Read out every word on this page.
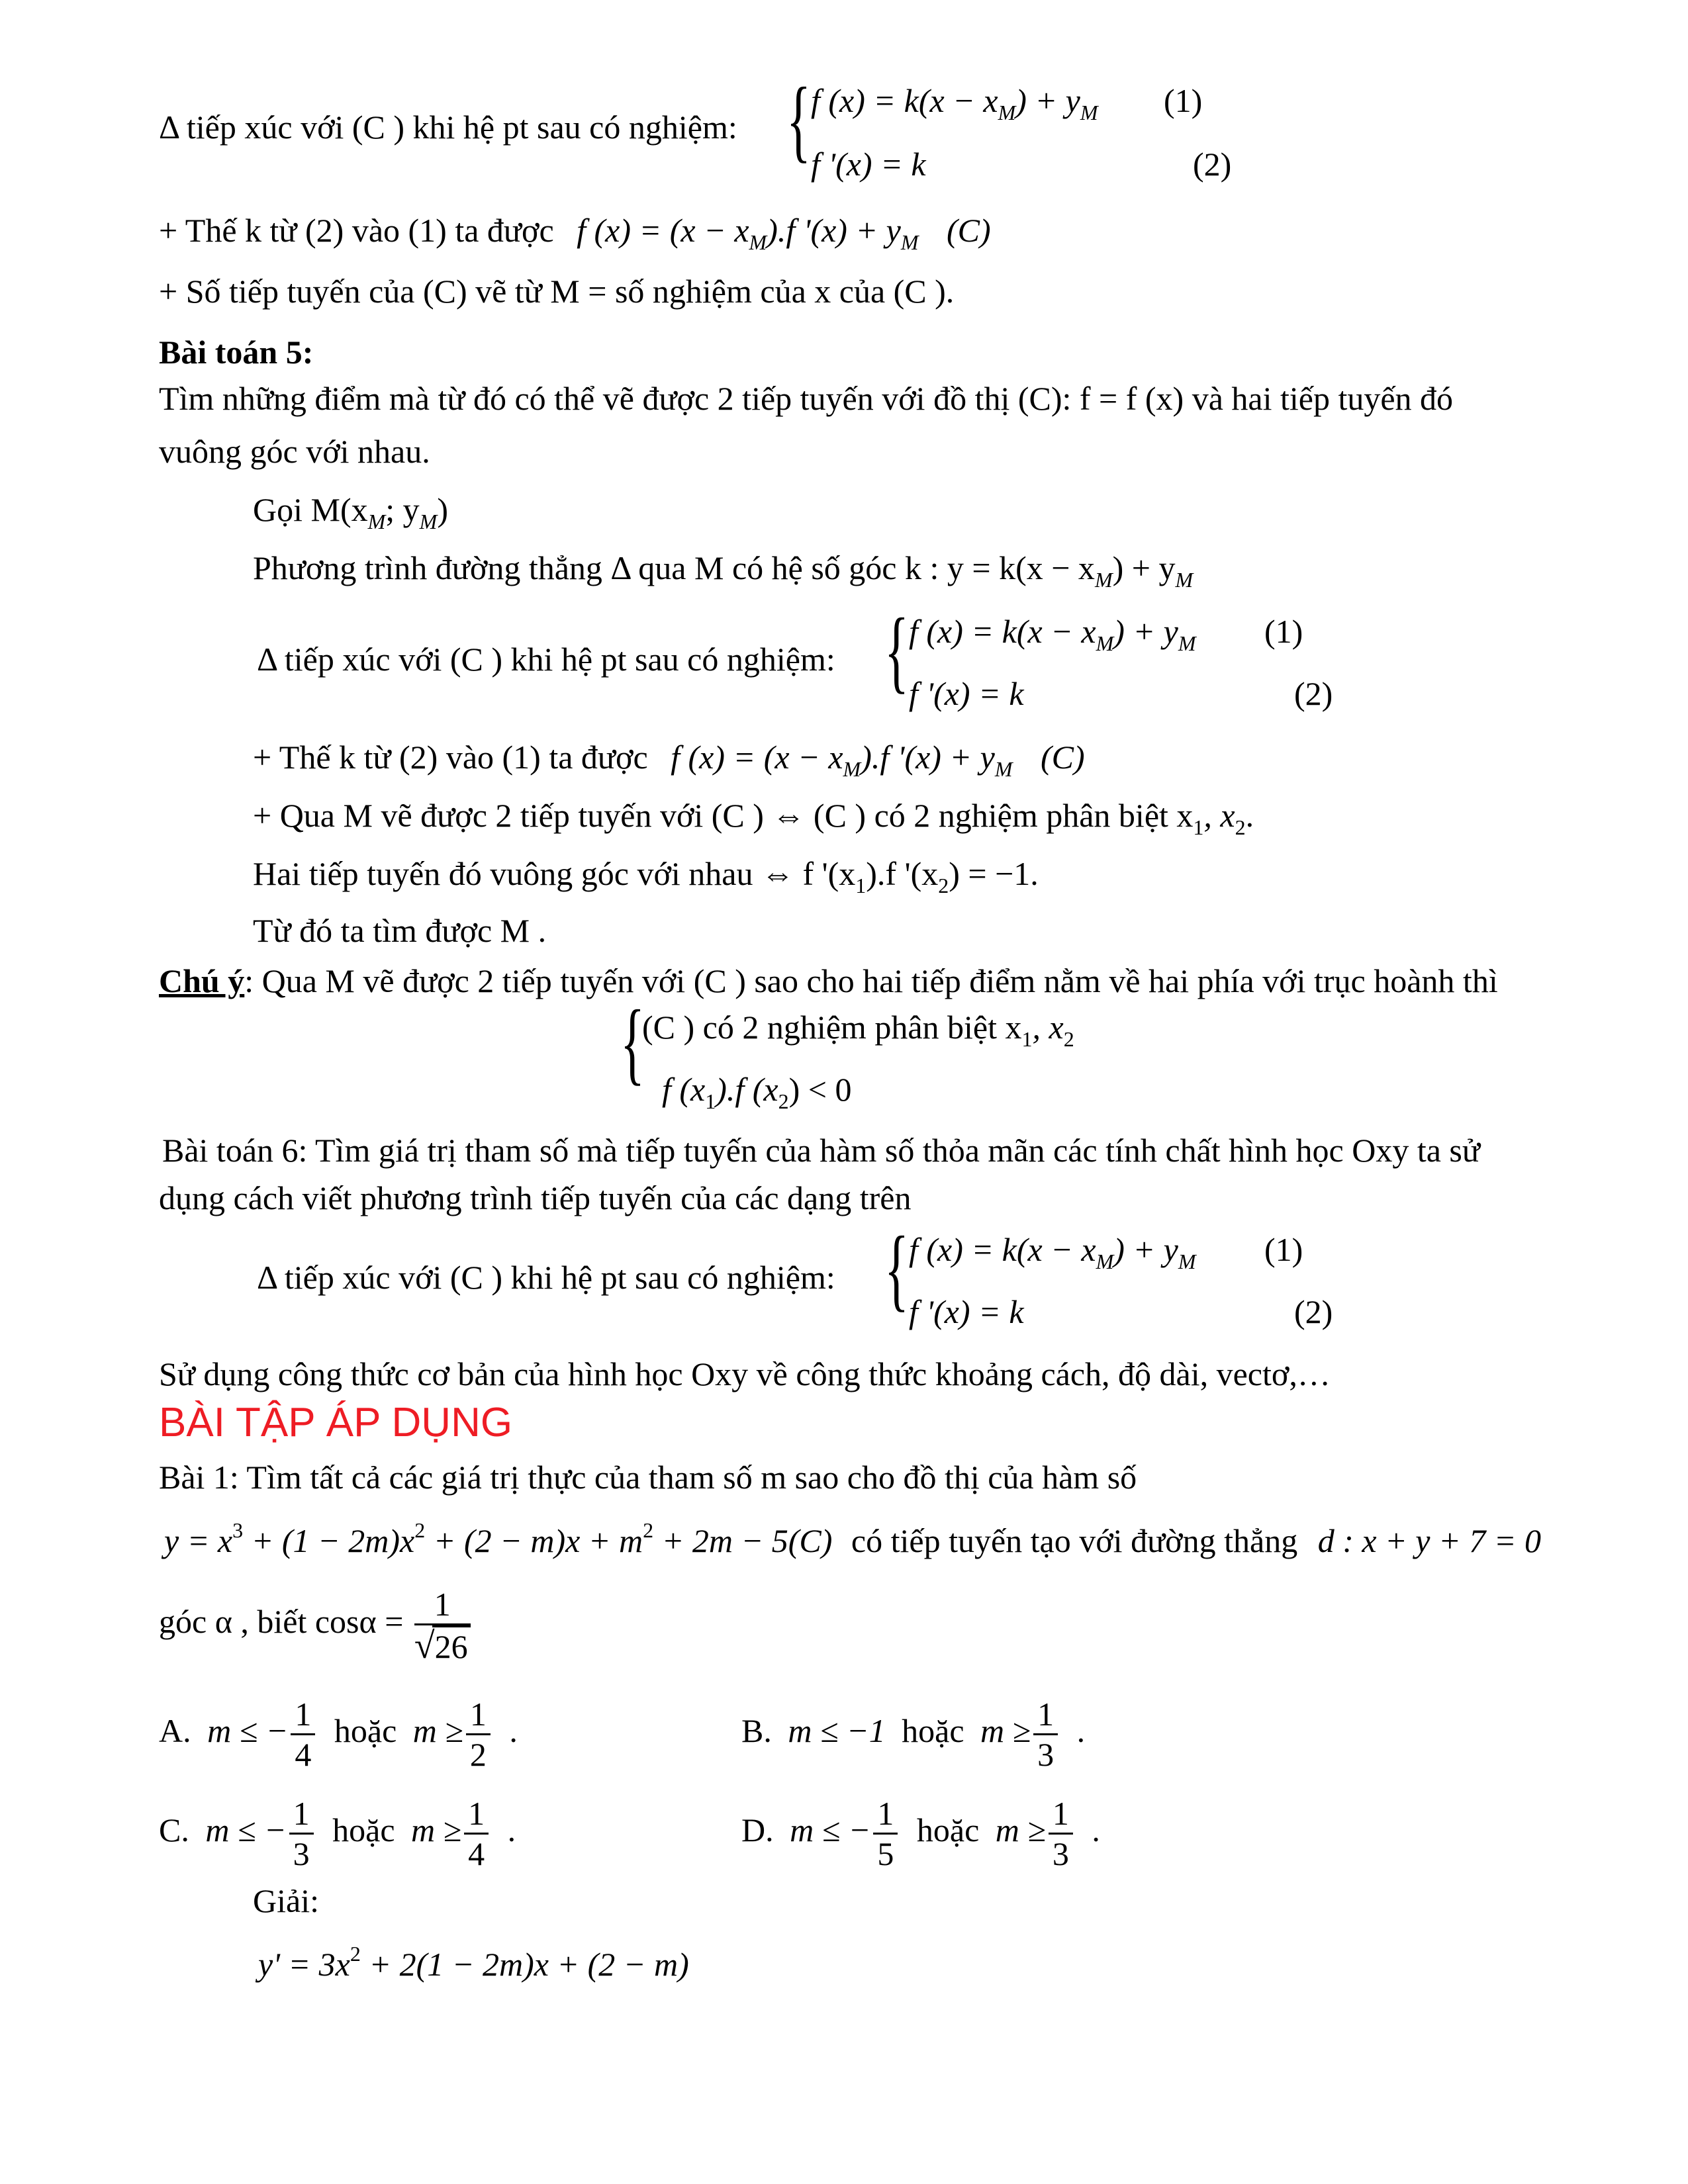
Δ tiếp xúc với (C ) khi hệ pt sau có nghiệm: { f $(x) = k(x - x_M) + y_M$ (1)
f '(x) = k	(2)
+ Thế k từ (2) vào (1) ta được f $(x) = (x - x_M).f$ '$(x) + y_M$ (C)
+ Số tiếp tuyến của (C) vẽ từ M = số nghiệm của x của (C ).
Bài toán 5:
Tìm những điểm mà từ đó có thể vẽ được 2 tiếp tuyến với đồ thị (C): f = f (x) và hai tiếp tuyến đó
vuông góc với nhau.
Gọi $M(x_M$; $y_M$)
Phương trình đường thẳng Δ qua M có hệ số góc k : $y = k(x - x_M) + y_M$
Δ tiếp xúc với (C ) khi hệ pt sau có nghiệm: { f $(x) = k(x - x_M) + y_M$ (1)
f '(x) = k	(2)
+ Thế k từ (2) vào (1) ta được f $(x) = (x - x_M).f$ '$(x) + y_M$ (C)
+ Qua M vẽ được 2 tiếp tuyến với (C ) ⇔ (C ) có 2 nghiệm phân biệt $x_1$, $x_2$.
Hai tiếp tuyến đó vuông góc với nhau ⇔ f '$(x_1).f$ '$(x_2) = -1$.
Từ đó ta tìm được M .
Chú ý: Qua M vẽ được 2 tiếp tuyến với (C ) sao cho hai tiếp điểm nằm về hai phía với trục hoành thì
{
(C ) có 2 nghiệm phân biệt $x_1$, $x_2$
f $(x_1).f$ $(x_2) < 0$
Bài toán 6: Tìm giá trị tham số mà tiếp tuyến của hàm số thỏa mãn các tính chất hình học Oxy ta sử
dụng cách viết phương trình tiếp tuyến của các dạng trên
Δ tiếp xúc với (C ) khi hệ pt sau có nghiệm: { f $(x) = k(x - x_M) + y_M$ (1)
f '(x) = k	(2)
Sử dụng công thức cơ bản của hình học Oxy về công thức khoảng cách, độ dài, vectơ,…
BÀI TẬP ÁP DỤNG
Bài 1: Tìm tất cả các giá trị thực của tham số m sao cho đồ thị của hàm số
$y = x^3 + (1 - 2m)x^2 + (2 - m)x + m^2 + 2m - 5(C)$ có tiếp tuyến tạo với đường thẳng d : x + y + 7 = 0
góc α , biết $\cos\alpha = \frac{1}{√26}$
A. m ≤ − $\frac{1}{4}$ hoặc $m \ge \frac{1}{2}$ .	B. m ≤ −1 hoặc $m \ge \frac{1}{3}$ .
C. m ≤ − $\frac{1}{3}$ hoặc $m \ge \frac{1}{4}$ .	D. m ≤ − $\frac{1}{5}$ hoặc $m \ge \frac{1}{3}$ .
Giải:
$y' = 3x^2 + 2(1 - 2m)x + (2 - m)$
